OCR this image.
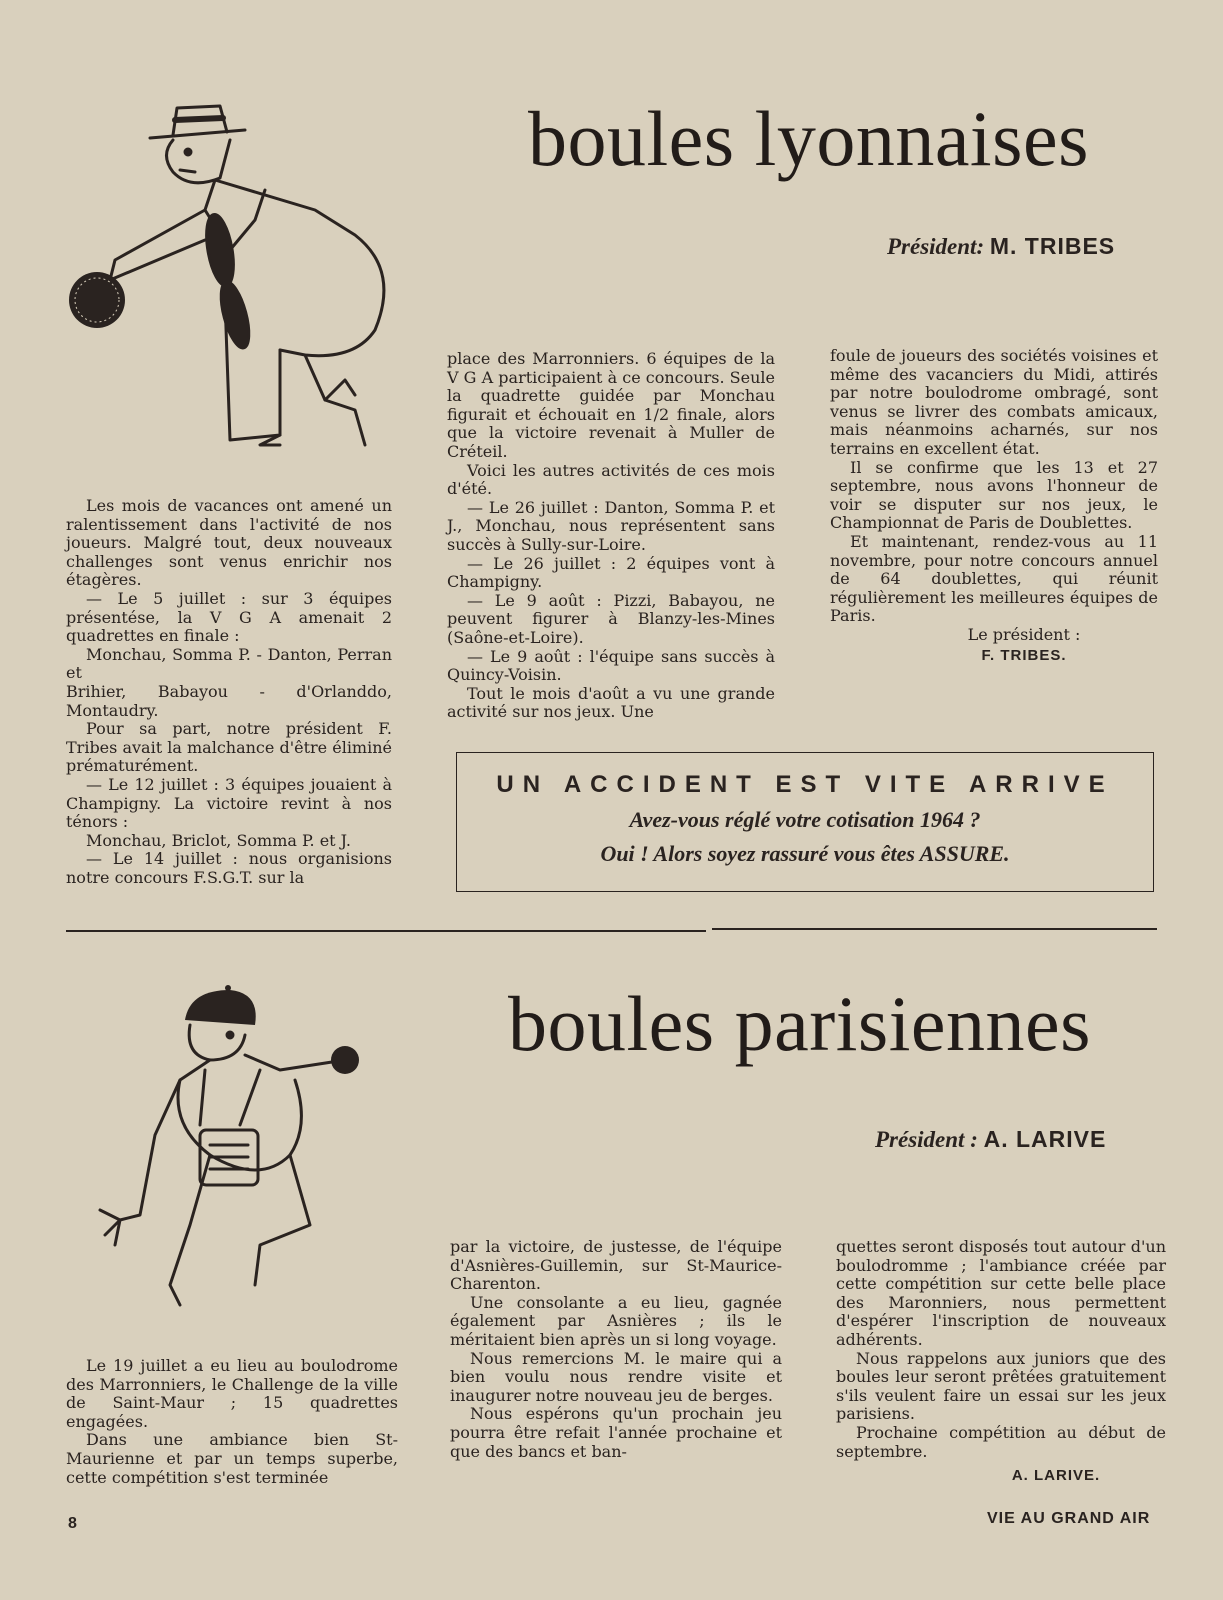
boules lyonnaises
Président: M. TRIBES

Les mois de vacances ont amené un ralentissement dans l'activité de nos joueurs. Malgré tout, deux nouveaux challenges sont venus enrichir nos étagères.

— Le 5 juillet : sur 3 équipes présentése, la V G A amenait 2 quadrettes en finale :

Monchau, Somma P. - Danton, Perran et

Brihier, Babayou - d'Orlanddo, Montaudry.

Pour sa part, notre président F. Tribes avait la malchance d'être éliminé prématurément.

— Le 12 juillet : 3 équipes jouaient à Champigny. La victoire revint à nos ténors :

Monchau, Briclot, Somma P. et J.

— Le 14 juillet : nous organisions notre concours F.S.G.T. sur la

place des Marronniers. 6 équipes de la V G A participaient à ce concours. Seule la quadrette guidée par Monchau figurait et échouait en 1/2 finale, alors que la victoire revenait à Muller de Créteil.

Voici les autres activités de ces mois d'été.

— Le 26 juillet : Danton, Somma P. et J., Monchau, nous représentent sans succès à Sully-sur-Loire.

— Le 26 juillet : 2 équipes vont à Champigny.

— Le 9 août : Pizzi, Babayou, ne peuvent figurer à Blanzy-les-Mines (Saône-et-Loire).

— Le 9 août : l'équipe sans succès à Quincy-Voisin.

Tout le mois d'août a vu une grande activité sur nos jeux. Une

foule de joueurs des sociétés voisines et même des vacanciers du Midi, attirés par notre boulodrome ombragé, sont venus se livrer des combats amicaux, mais néanmoins acharnés, sur nos terrains en excellent état.

Il se confirme que les 13 et 27 septembre, nous avons l'honneur de voir se disputer sur nos jeux, le Championnat de Paris de Doublettes.

Et maintenant, rendez-vous au 11 novembre, pour notre concours annuel de 64 doublettes, qui réunit régulièrement les meilleures équipes de Paris.

Le président :

F. TRIBES.

UN ACCIDENT EST VITE ARRIVE
Avez-vous réglé votre cotisation 1964 ?
Oui ! Alors soyez rassuré vous êtes ASSURE.
boules parisiennes
Président : A. LARIVE

Le 19 juillet a eu lieu au boulodrome des Marronniers, le Challenge de la ville de Saint-Maur ; 15 quadrettes engagées.

Dans une ambiance bien St-Maurienne et par un temps superbe, cette compétition s'est terminée

par la victoire, de justesse, de l'équipe d'Asnières-Guillemin, sur St-Maurice-Charenton.

Une consolante a eu lieu, gagnée également par Asnières ; ils le méritaient bien après un si long voyage.

Nous remercions M. le maire qui a bien voulu nous rendre visite et inaugurer notre nouveau jeu de berges.

Nous espérons qu'un prochain jeu pourra être refait l'année prochaine et que des bancs et ban-

quettes seront disposés tout autour d'un boulodromme ; l'ambiance créée par cette compétition sur cette belle place des Maronniers, nous permettent d'espérer l'inscription de nouveaux adhérents.

Nous rappelons aux juniors que des boules leur seront prêtées gratuitement s'ils veulent faire un essai sur les jeux parisiens.

Prochaine compétition au début de septembre.

A. LARIVE.

8	VIE AU GRAND AIR
